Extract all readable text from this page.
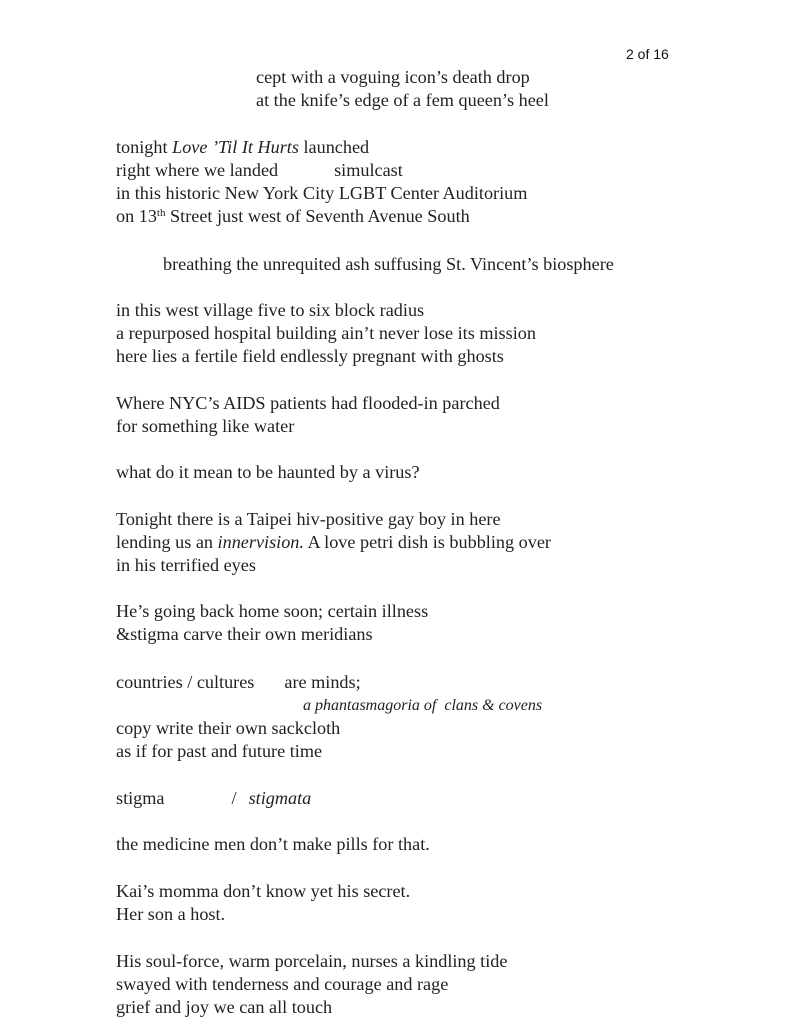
2 of 16
cept with a voguing icon’s death drop
at the knife’s edge of a fem queen’s heel
tonight Love ’Til It Hurts launched
right where we landed	simulcast
in this historic New York City LGBT Center Auditorium
on 13th Street just west of Seventh Avenue South
breathing the unrequited ash suffusing St. Vincent’s biosphere
in this west village five to six block radius
a repurposed hospital building ain’t never lose its mission
here lies a fertile field endlessly pregnant with ghosts
Where NYC’s AIDS patients had flooded-in parched
for something like water
what do it mean to be haunted by a virus?
Tonight there is a Taipei hiv-positive gay boy in here
lending us an innervision. A love petri dish is bubbling over
in his terrified eyes
He’s going back home soon; certain illness
&stigma carve their own meridians
countries / cultures are minds;
a phantasmagoria of  clans & covens
copy write their own sackcloth
as if for past and future time
stigma	/ stigmata
the medicine men don’t make pills for that.
Kai’s momma don’t know yet his secret.
Her son a host.
His soul-force, warm porcelain, nurses a kindling tide
swayed with tenderness and courage and rage
grief and joy we can all touch
